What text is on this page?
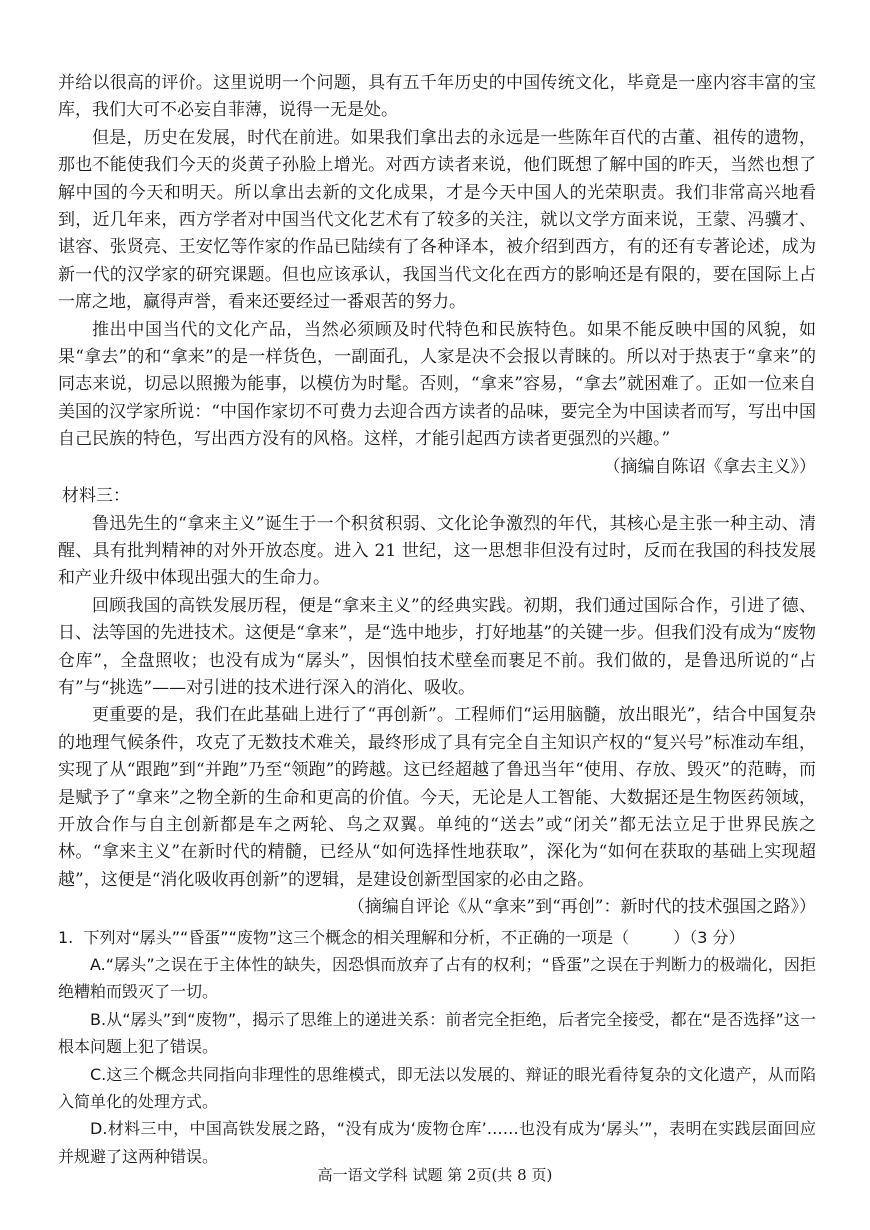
并给以很高的评价。这里说明一个问题，具有五千年历史的中国传统文化，毕竟是一座内容丰富的宝库，我们大可不必妄自菲薄，说得一无是处。

但是，历史在发展，时代在前进。如果我们拿出去的永远是一些陈年百代的古董、祖传的遗物，那也不能使我们今天的炎黄子孙脸上增光。对西方读者来说，他们既想了解中国的昨天，当然也想了解中国的今天和明天。所以拿出去新的文化成果，才是今天中国人的光荣职责。我们非常高兴地看到，近几年来，西方学者对中国当代文化艺术有了较多的关注，就以文学方面来说，王蒙、冯骥才、谌容、张贤亮、王安忆等作家的作品已陆续有了各种译本，被介绍到西方，有的还有专著论述，成为新一代的汉学家的研究课题。但也应该承认，我国当代文化在西方的影响还是有限的，要在国际上占一席之地，赢得声誉，看来还要经过一番艰苦的努力。

推出中国当代的文化产品，当然必须顾及时代特色和民族特色。如果不能反映中国的风貌，如果“拿去”的和“拿来”的是一样货色，一副面孔，人家是决不会报以青睐的。所以对于热衷于“拿来”的同志来说，切忌以照搬为能事，以模仿为时髦。否则，“拿来”容易，“拿去”就困难了。正如一位来自美国的汉学家所说：“中国作家切不可费力去迎合西方读者的品味，要完全为中国读者而写，写出中国自己民族的特色，写出西方没有的风格。这样，才能引起西方读者更强烈的兴趣。”

（摘编自陈诏《拿去主义》）

材料三：

鲁迅先生的“拿来主义”诞生于一个积贫积弱、文化论争激烈的年代，其核心是主张一种主动、清醒、具有批判精神的对外开放态度。进入 21 世纪，这一思想非但没有过时，反而在我国的科技发展和产业升级中体现出强大的生命力。

回顾我国的高铁发展历程，便是“拿来主义”的经典实践。初期，我们通过国际合作，引进了德、日、法等国的先进技术。这便是“拿来”，是“选中地步，打好地基”的关键一步。但我们没有成为“废物仓库”，全盘照收；也没有成为“孱头”，因惧怕技术壁垒而裹足不前。我们做的，是鲁迅所说的“占有”与“挑选”——对引进的技术进行深入的消化、吸收。

更重要的是，我们在此基础上进行了“再创新”。工程师们“运用脑髓，放出眼光”，结合中国复杂的地理气候条件，攻克了无数技术难关，最终形成了具有完全自主知识产权的“复兴号”标准动车组，实现了从“跟跑”到“并跑”乃至“领跑”的跨越。这已经超越了鲁迅当年“使用、存放、毁灭”的范畴，而是赋予了“拿来”之物全新的生命和更高的价值。今天，无论是人工智能、大数据还是生物医药领域，开放合作与自主创新都是车之两轮、鸟之双翼。单纯的“送去”或“闭关”都无法立足于世界民族之林。“拿来主义”在新时代的精髓，已经从“如何选择性地获取”，深化为“如何在获取的基础上实现超越”，这便是“消化吸收再创新”的逻辑，是建设创新型国家的必由之路。

（摘编自评论《从“拿来”到“再创”：新时代的技术强国之路》）

1. 下列对“孱头”“昏蛋”“废物”这三个概念的相关理解和分析，不正确的一项是（	）（3 分）

A.“孱头”之误在于主体性的缺失，因恐惧而放弃了占有的权利；“昏蛋”之误在于判断力的极端化，因拒绝糟粕而毁灭了一切。

B.从“孱头”到“废物”，揭示了思维上的递进关系：前者完全拒绝，后者完全接受，都在“是否选择”这一根本问题上犯了错误。

C.这三个概念共同指向非理性的思维模式，即无法以发展的、辩证的眼光看待复杂的文化遗产，从而陷入简单化的处理方式。

D.材料三中，中国高铁发展之路，“没有成为‘废物仓库’……也没有成为‘孱头’”，表明在实践层面回应并规避了这两种错误。

高一语文学科 试题 第 2页(共 8 页)
